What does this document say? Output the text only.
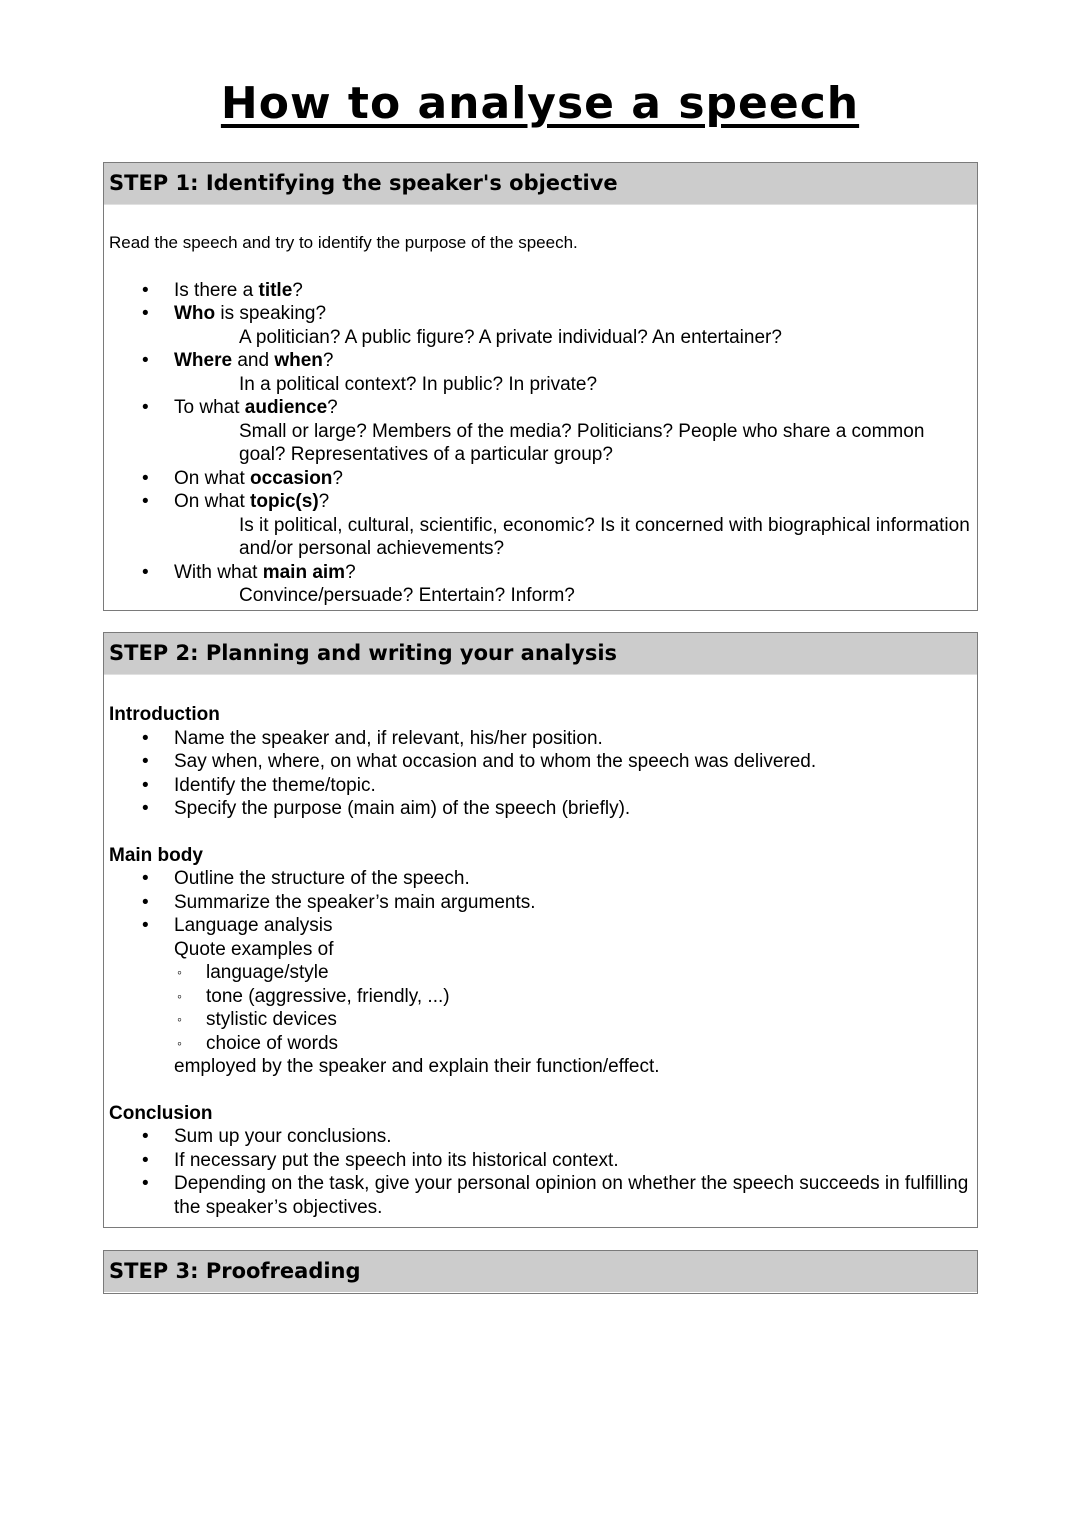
How to analyse a speech
STEP 1: Identifying the speaker's objective
Read the speech and try to identify the purpose of the speech.
• Is there a title?
• Who is speaking?
A politician? A public figure? A private individual? An entertainer?
• Where and when?
In a political context? In public? In private?
• To what audience?
Small or large? Members of the media? Politicians? People who share a common goal? Representatives of a particular group?
• On what occasion?
• On what topic(s)?
Is it political, cultural, scientific, economic? Is it concerned with biographical information and/or personal achievements?
• With what main aim?
Convince/persuade? Entertain? Inform?
STEP 2: Planning and writing your analysis
Introduction
• Name the speaker and, if relevant, his/her position.
• Say when, where, on what occasion and to whom the speech was delivered.
• Identify the theme/topic.
• Specify the purpose (main aim) of the speech (briefly).
Main body
• Outline the structure of the speech.
• Summarize the speaker’s main arguments.
• Language analysis
Quote examples of
◦ language/style
◦ tone (aggressive, friendly, ...)
◦ stylistic devices
◦ choice of words
employed by the speaker and explain their function/effect.
Conclusion
• Sum up your conclusions.
• If necessary put the speech into its historical context.
• Depending on the task, give your personal opinion on whether the speech succeeds in fulfilling the speaker’s objectives.
STEP 3: Proofreading
